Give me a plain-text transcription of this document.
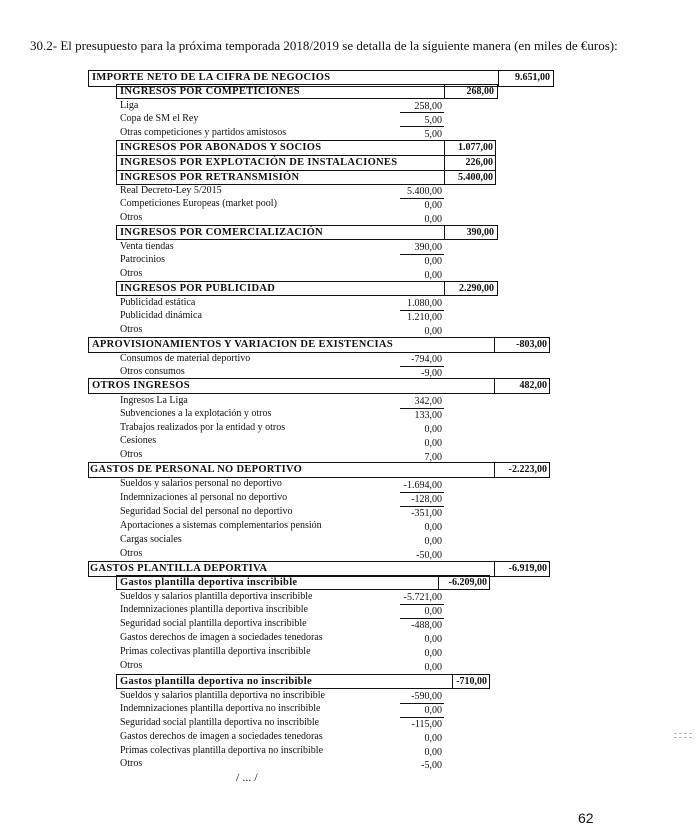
30.2- El presupuesto para la próxima temporada 2018/2019 se detalla de la siguiente manera (en miles de €uros):
IMPORTE NETO DE LA CIFRA DE NEGOCIOS	9.651,00
INGRESOS POR COMPETICIONES	268,00
Liga	258,00
Copa de SM el Rey	5,00
Otras competiciones y partidos amistosos	5,00
INGRESOS POR ABONADOS Y SOCIOS	1.077,00
INGRESOS POR EXPLOTACIÓN DE INSTALACIONES	226,00
INGRESOS POR RETRANSMISIÓN	5.400,00
Real Decreto-Ley 5/2015	5.400,00
Competiciones Europeas (market pool)	0,00
Otros	0,00
INGRESOS POR COMERCIALIZACIÓN	390,00
Venta tiendas	390,00
Patrocinios	0,00
Otros	0,00
INGRESOS POR PUBLICIDAD	2.290,00
Publicidad estática	1.080,00
Publicidad dinámica	1.210,00
Otros	0,00
APROVISIONAMIENTOS Y VARIACION DE EXISTENCIAS	-803,00
Consumos de material deportivo	-794,00
Otros consumos	-9,00
OTROS INGRESOS	482,00
Ingresos La Liga	342,00
Subvenciones a la explotación y otros	133,00
Trabajos realizados por la entidad y otros	0,00
Cesiones	0,00
Otros	7,00
GASTOS DE PERSONAL NO DEPORTIVO	-2.223,00
Sueldos y salarios personal no deportivo	-1.694,00
Indemnizaciones al personal no deportivo	-128,00
Seguridad Social del personal no deportivo	-351,00
Aportaciones a sistemas complementarios pensión	0,00
Cargas sociales	0,00
Otros	-50,00
GASTOS PLANTILLA DEPORTIVA	-6.919,00
Gastos plantilla deportiva inscribible	-6.209,00
Sueldos y salarios plantilla deportiva inscribible	-5.721,00
Indemnizaciones plantilla deportiva inscribible	0,00
Seguridad social plantilla deportiva inscribible	-488,00
Gastos derechos de imagen a sociedades tenedoras	0,00
Primas colectivas plantilla deportiva inscribible	0,00
Otros	0,00
Gastos plantilla deportiva no inscribible	-710,00
Sueldos y salarios plantilla deportiva no inscribible	-590,00
Indemnizaciones plantilla deportiva no inscribible	0,00
Seguridad social plantilla deportiva no inscribible	-115,00
Gastos derechos de imagen a sociedades tenedoras	0,00
Primas colectivas plantilla deportiva no inscribible	0,00
Otros	-5,00
/ ... /
62
